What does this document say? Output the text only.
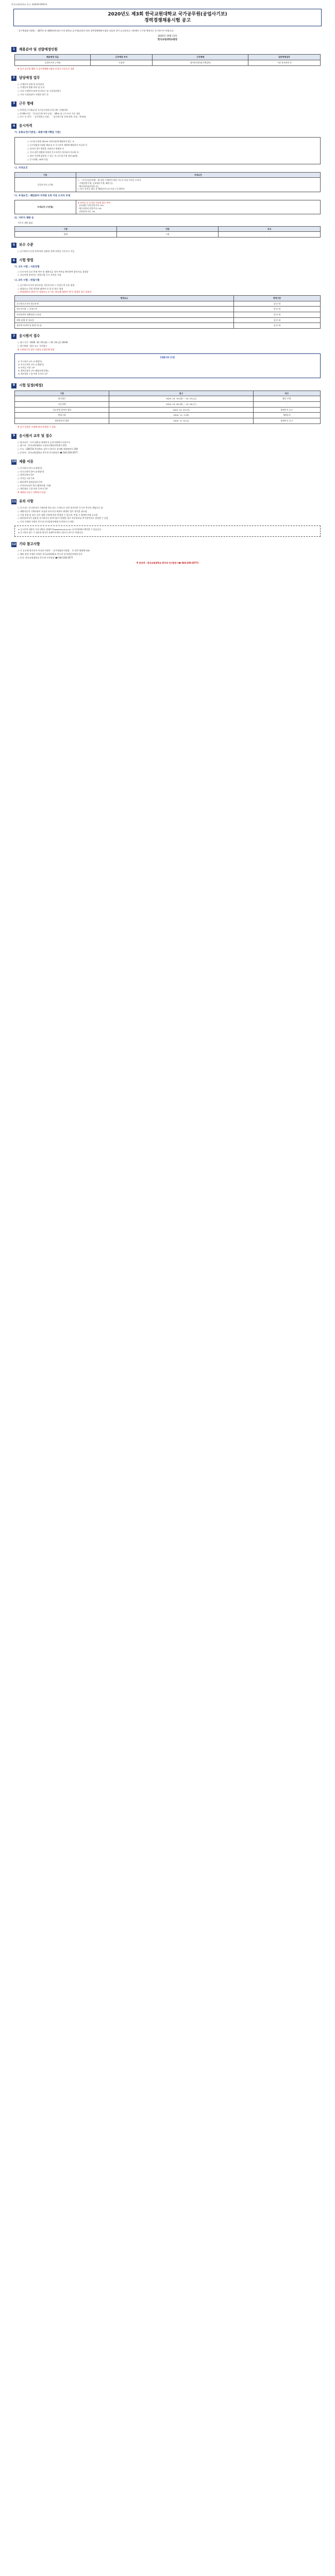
한국교원대학교 공고 제2020-0953호
2020년도 제3회 한국교원대학교 국가공무원(공업사기보)
경력경쟁채용시험 공고

「공무원임용시험령」 제27조 및 제40조에 따라 우리 대학교 공무원(공업사기보) 경력경쟁채용시험을 다음과 같이 공고하오니 기관에서 근무할 예정자는 응시하시기 바랍니다.

2020년 10월 13일
한국교원대학교총장
1	채용분야 및 선발예정인원
채용예정 직급	근무예정 부서	근무형태	담당예정업무
공업사기보 (기계)	시설과	청사유지관리(기계설비)	시설 유지관리 등
※ 상기 공무원 채용 시 공무원채용시험의 동일자 기준으로 적용
2	담당예정 업무
○ 기계분야 설계 및 유지관리
○ 기계분야 현황 파악 및 분석
○ 기타 기계분야 관련 유지보수 및 시설개선업무
○ 기타 시설과장이 지정한 업무 등
3	근무 형태
○ [주5일근무제실시] 국가공무원과 동일 (예: 기계분야)
○ [주40시간] 「국가공무원 복무규정」 제9조 및 근무시간 기준 적용
○ 보수 등 처우: 「공무원보수규정」 「공무원수당 등에 관한 규정」에 따름
4	응시자격
가. 공통요건(기준일 : 최종시험시행일 기준)
○ 국가공무원법 제33조 결격사유에 해당하지 않는 자
○ 공무원임용시험령 제51조 등 응시자격 제한에 해당하지 아니한 자
○ 남자의 경우 병역을 마쳤거나 면제된 자
○ 기타 관련 법령에 의하여 응시자격이 정지되지 아니한 자
○ 정년 이전에 임용될 수 있는 자 (국가공무원 정년 60세)
○ 응시연령: 18세 이상
나. 자격요건
구분	자격요건
공업사기보 (기계)	○ 「국가기술자격법」에 의한 기계분야 관련 기능사 이상 자격증 소지자
- 기계(일반기계, 공조냉동기계, 배관 등)
- 에너지관리(보일러 등)
○ 상기 자격증 취득 후 해당분야 1년 이상 근무경력자
다. 우대요건 : 해당분야 자격증 1개 이상 소지자 우대
우대요건 (가산점)	
※ 자격증 등 소지자 가산점 별도 부여
- 공조냉동기계 산업기사: 5%
- 에너지관리 산업기사: 5%
- 건축설비기사: 3%
라. 거주지 제한 등
거주지 제한 없음
구분	인원	비고
합계	1명	-
5	보수 수준
○ 공무원보수규정 등에 따라 임용일 현재 호봉을 기준으로 지급
6	시험 방법
가. 1차 시험 : 서류전형
○ 응시자격 요건 충족 여부 및 제출서류 적격 여부를 확인하여 합격자를 결정함
○ 서류전형 합격자는 면접시험 응시 자격을 가짐
나. 2차 시험 : 면접시험
○ 공무원으로서의 정신자세, 전문지식과 그 응용능력 등을 평정
○ 평정요소: 5개 항목에 대하여 각 상·중·하로 평정
○ 면접위원의 과반수가 평정요소 중 어느 하나에 대하여 '하'로 평정한 경우 불합격
평정요소	평정기준
공무원으로서의 정신자세	상·중·하
전문지식과 그 응용능력	상·중·하
의사표현의 정확성과 논리성	상·중·하
예의·품행 및 성실성	상·중·하
창의력·의지력 및 발전가능성	상·중·하
7	응시원서 접수
○ 접수기간 : 2020. 10. 19.(월) ~ 10. 23.(금) 18:00
○ 접수방법 : 방문 또는 우편접수
※ 우편접수의 경우 마감일 도착분에 한함
【제출서류 안내】
① 응시원서 1부 (소정양식)
② 자기소개서 1부 (소정양식)
③ 자격증 사본 1부
④ 경력증명서 1부 (해당자에 한함)
⑤ 개인정보 수집·이용 동의서 1부
8	시험 일정(예정)
구분	일시	비고
원서접수	2020. 10. 19.(월) ~ 10. 23.(금)	방문·우편
서류전형	2020. 10. 26.(월) ~ 10. 28.(수)	-
서류전형 합격자 발표	2020. 10. 29.(목)	홈페이지 공고
면접시험	2020. 11. 3.(화)	개별통지
최종합격자 발표	2020. 11. 6.(금)	홈페이지 공고
※ 상기 일정은 사정에 따라 변경될 수 있음
9	응시원서 교부 및 접수
○ 원서교부 : 우리 대학교 홈페이지 공지사항에서 다운로드
○ 접수처 : 한국교원대학교 시설과 (행정지원센터 2층)
○ 주소 : (28173) 충청북도 청주시 흥덕구 강내면 태성탑연로 250
○ 문의처 : 한국교원대학교 총무과 인사담당자 ☎ 043-230-3577
10 제출 서류
○ 응시원서 1부 (소정양식)
○ 자기소개서 1부 (소정양식)
○ 경력증명서 1부
○ 자격증 사본 1부
○ 최종학력 졸업증명서 1부
○ 주민등록초본 1부 (병역사항 기재)
○ 개인정보 수집·이용 동의서 1부
※ 제출된 서류는 반환하지 않음
11 유의 사항
○ 응시자는 응시원서의 기재사항 착오 또는 누락으로 인한 불이익은 응시자 본인의 책임으로 함
○ 제출서류의 기재사항이 사실과 다르거나 허위로 판명된 경우 합격을 취소함
○ 시험 일정 및 장소 등은 대학 사정에 따라 변경될 수 있으며, 변경 시 홈페이지에 공고함
○ 최종합격자가 임용을 포기하거나 결격사유가 발생한 경우 차순위자를 추가합격자로 결정할 수 있음
○ 기타 자세한 사항은 총무과 인사담당자에게 문의하시기 바람
※ 공고문의 내용은 우리 대학교 홈페이지(www.knue.ac.kr) 공지사항에서 확인할 수 있습니다.
※ 응시원서 접수 시 필요한 양식은 홈페이지에서 다운로드하시기 바랍니다.
12 기타 참고사항
○ 이 공고에 명시되지 아니한 사항은 「공무원임용시험령」 등 관련 법령에 따름
○ 채용 관련 자세한 사항은 한국교원대학교 총무과 인사담당자에게 문의
○ 문의: 한국교원대학교 총무과 인사담당 ☎ 043-230-3577
※ 문의처 : 한국교원대학교 총무과 인사담당 (☎ 043-230-3577)
